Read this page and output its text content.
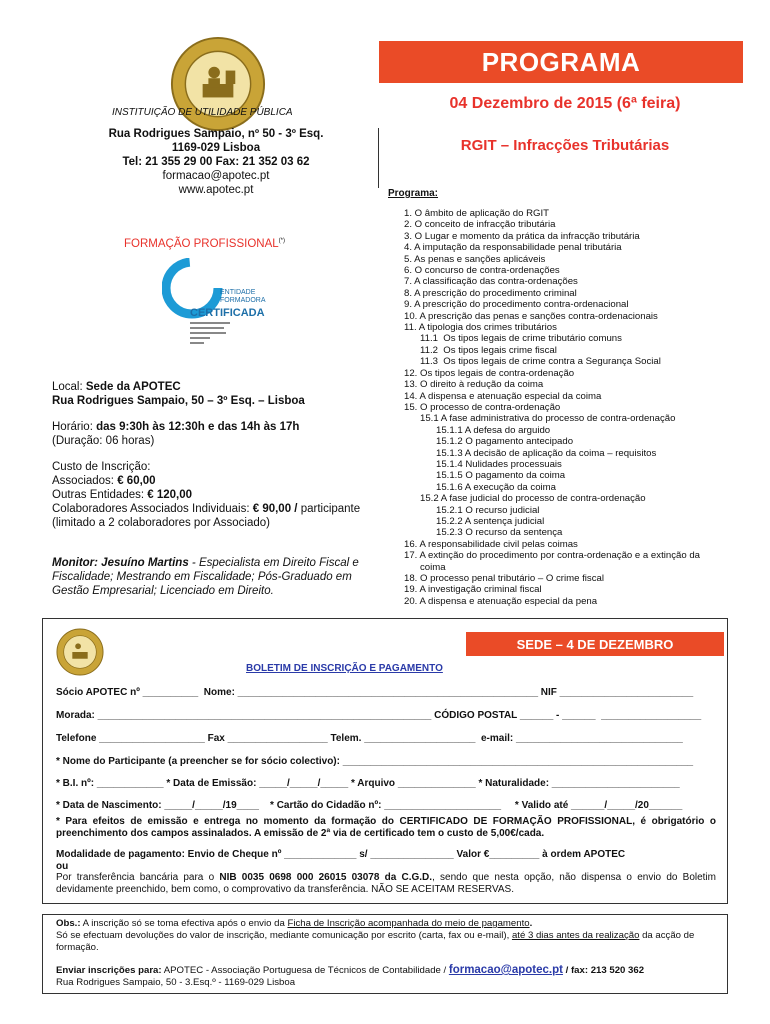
PROGRAMA
INSTITUIÇÃO DE UTILIDADE PÚBLICA
Rua Rodrigues Sampaio, nº 50 - 3º Esq.
1169-029 Lisboa
Tel: 21 355 29 00 Fax: 21 352 03 62
formacao@apotec.pt
www.apotec.pt
04 Dezembro de 2015 (6ª feira)
RGIT – Infracções Tributárias
Programa:
1. O âmbito de aplicação do RGIT
2. O conceito de infracção tributária
3. O Lugar e momento da prática da infracção tributária
4. A imputação da responsabilidade penal tributária
5. As penas e sanções aplicáveis
6. O concurso de contra-ordenações
7. A classificação das contra-ordenações
8. A prescrição do procedimento criminal
9. A prescrição do procedimento contra-ordenacional
10. A prescrição das penas e sanções contra-ordenacionais
11. A tipologia dos crimes tributários
11.1  Os tipos legais de crime tributário comuns
11.2  Os tipos legais crime fiscal
11.3  Os tipos legais de crime contra a Segurança Social
12. Os tipos legais de contra-ordenação
13. O direito à redução da coima
14. A dispensa e atenuação especial da coima
15. O processo de contra-ordenação
15.1 A fase administrativa do processo de contra-ordenação
15.1.1 A defesa do arguido
15.1.2 O pagamento antecipado
15.1.3 A decisão de aplicação da coima – requisitos
15.1.4 Nulidades processuais
15.1.5 O pagamento da coima
15.1.6 A execução da coima
15.2 A fase judicial do processo de contra-ordenação
15.2.1 O recurso judicial
15.2.2 A sentença judicial
15.2.3 O recurso da sentença
16. A responsabilidade civil pelas coimas
17. A extinção do procedimento por contra-ordenação e a extinção da
coima
18. O processo penal tributário – O crime fiscal
19. A investigação criminal fiscal
20. A dispensa e atenuação especial da pena
FORMAÇÃO PROFISSIONAL(*)
DGERT
ENTIDADE
FORMADORA
CERTIFICADA

Local: Sede da APOTEC

Rua Rodrigues Sampaio, 50 – 3º Esq. – Lisboa

Horário: das 9:30h às 12:30h e das 14h às 17h

(Duração: 06 horas)

Custo de Inscrição:

Associados: € 60,00

Outras Entidades: € 120,00

Colaboradores Associados Individuais: € 90,00 / participante

(limitado a 2 colaboradores por Associado)

Monitor: Jesuíno Martins - Especialista em Direito Fiscal e Fiscalidade; Mestrando em Fiscalidade; Pós-Graduado em Gestão Empresarial; Licenciado em Direito.
SEDE – 4 DE DEZEMBRO
BOLETIM DE INSCRIÇÃO E PAGAMENTO
Sócio APOTEC nº __________  Nome: ______________________________________________________ NIF ________________________
Morada: ____________________________________________________________ CÓDIGO POSTAL ______ - ______  __________________
Telefone ___________________ Fax __________________ Telem. ____________________  e-mail: ______________________________
* Nome do Participante (a preencher se for sócio colectivo): _______________________________________________________________
* B.I. nº: ____________ * Data de Emissão: _____/_____/_____ * Arquivo ______________ * Naturalidade: _______________________
* Data de Nascimento: _____/_____/19____    * Cartão do Cidadão nº: _____________________     * Valido até ______/_____/20______
* Para efeitos de emissão e entrega no momento da formação do CERTIFICADO DE FORMAÇÃO PROFISSIONAL, é obrigatório o preenchimento dos campos assinalados. A emissão de 2ª via de certificado tem o custo de 5,00€/cada.
Modalidade de pagamento: Envio de Cheque nº _____________ s/ _______________ Valor €_________ à ordem APOTEC
ou
Por transferência bancária para o NIB 0035 0698 000 26015 03078 da C.G.D., sendo que nesta opção, não dispensa o envio do Boletim devidamente preenchido, bem como, o comprovativo da transferência. NÃO SE ACEITAM RESERVAS.
Obs.: A inscrição só se toma efectiva após o envio da Ficha de Inscrição acompanhada do meio de pagamento.
Só se efectuam devoluções do valor de inscrição, mediante comunicação por escrito (carta, fax ou e-mail), até 3 dias antes da realização da acção de formação.
Enviar inscrições para: APOTEC - Associação Portuguesa de Técnicos de Contabilidade / formacao@apotec.pt / fax: 213 520 362
Rua Rodrigues Sampaio, 50 - 3.Esq.º - 1169-029 Lisboa
